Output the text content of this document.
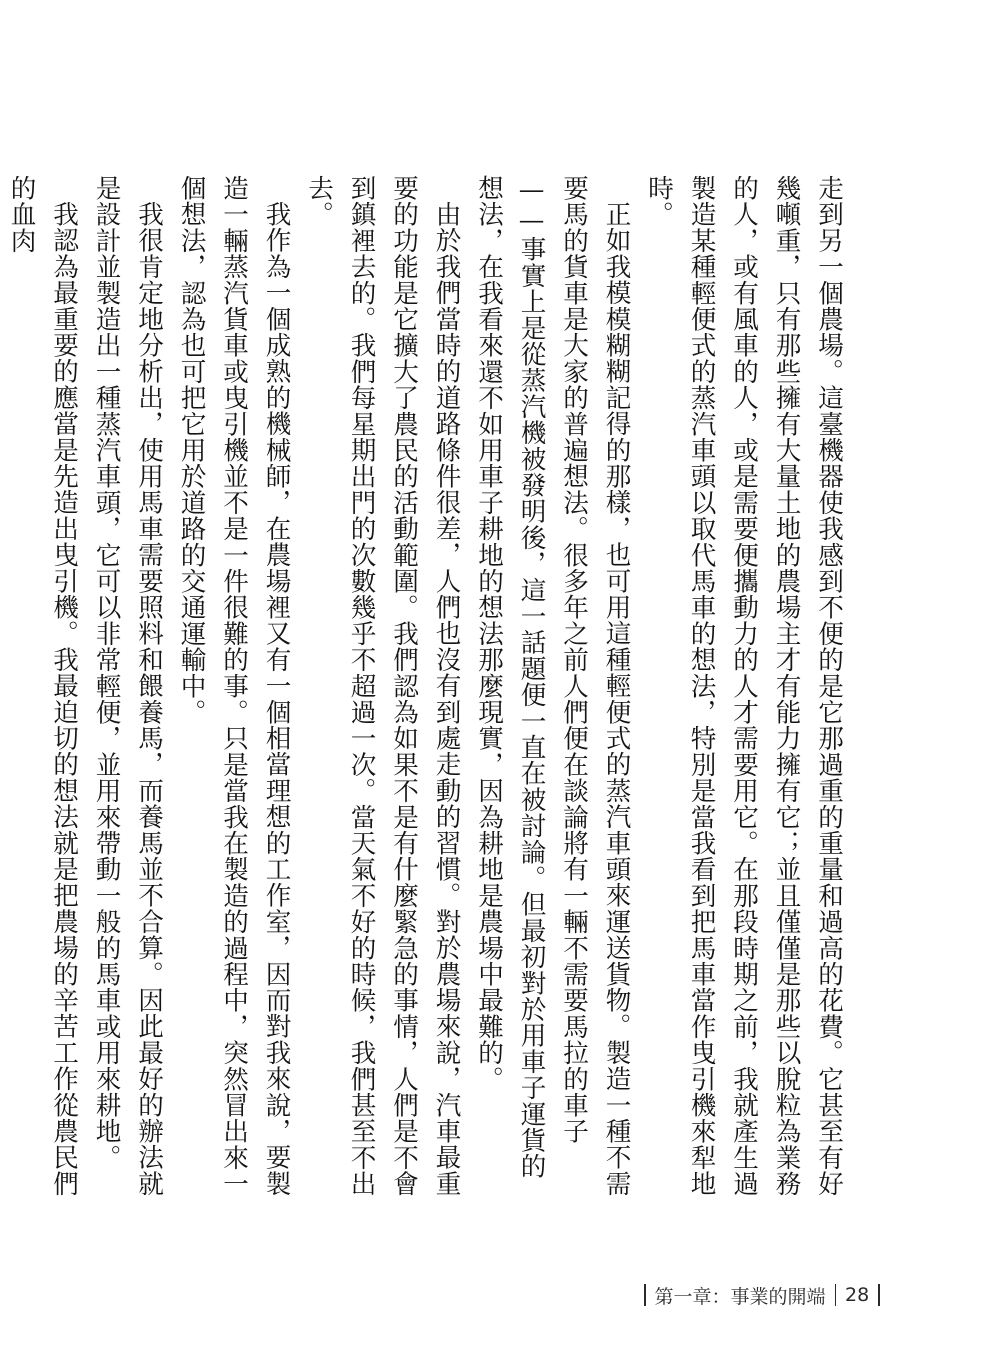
走到另一個農場。這臺機器使我感到不便的是它那過重的重量和過高的花費。它甚至有好幾噸重，只有那些擁有大量土地的農場主才有能力擁有它；並且僅僅是那些以脫粒為業務的人，或有風車的人，或是需要便攜動力的人才需要用它。在那段時期之前，我就產生過製造某種輕便式的蒸汽車頭以取代馬車的想法，特別是當我看到把馬車當作曳引機來犁地時。

正如我模模糊糊記得的那樣，也可用這種輕便式的蒸汽車頭來運送貨物。製造一種不需要馬的貨車是大家的普遍想法。很多年之前人們便在談論將有一輛不需要馬拉的車子——事實上是從蒸汽機被發明後，這一話題便一直在被討論。但最初對於用車子運貨的想法，在我看來還不如用車子耕地的想法那麼現實，因為耕地是農場中最難的。

由於我們當時的道路條件很差，人們也沒有到處走動的習慣。對於農場來說，汽車最重要的功能是它擴大了農民的活動範圍。我們認為如果不是有什麼緊急的事情，人們是不會到鎮裡去的。我們每星期出門的次數幾乎不超過一次。當天氣不好的時候，我們甚至不出去。

我作為一個成熟的機械師，在農場裡又有一個相當理想的工作室，因而對我來說，要製造一輛蒸汽貨車或曳引機並不是一件很難的事。只是當我在製造的過程中，突然冒出來一個想法，認為也可把它用於道路的交通運輸中。

我很肯定地分析出，使用馬車需要照料和餵養馬，而養馬並不合算。因此最好的辦法就是設計並製造出一種蒸汽車頭，它可以非常輕便，並用來帶動一般的馬車或用來耕地。

我認為最重要的應當是先造出曳引機。我最迫切的想法就是把農場的辛苦工作從農民們的血肉

第一章：事業的開端 28
